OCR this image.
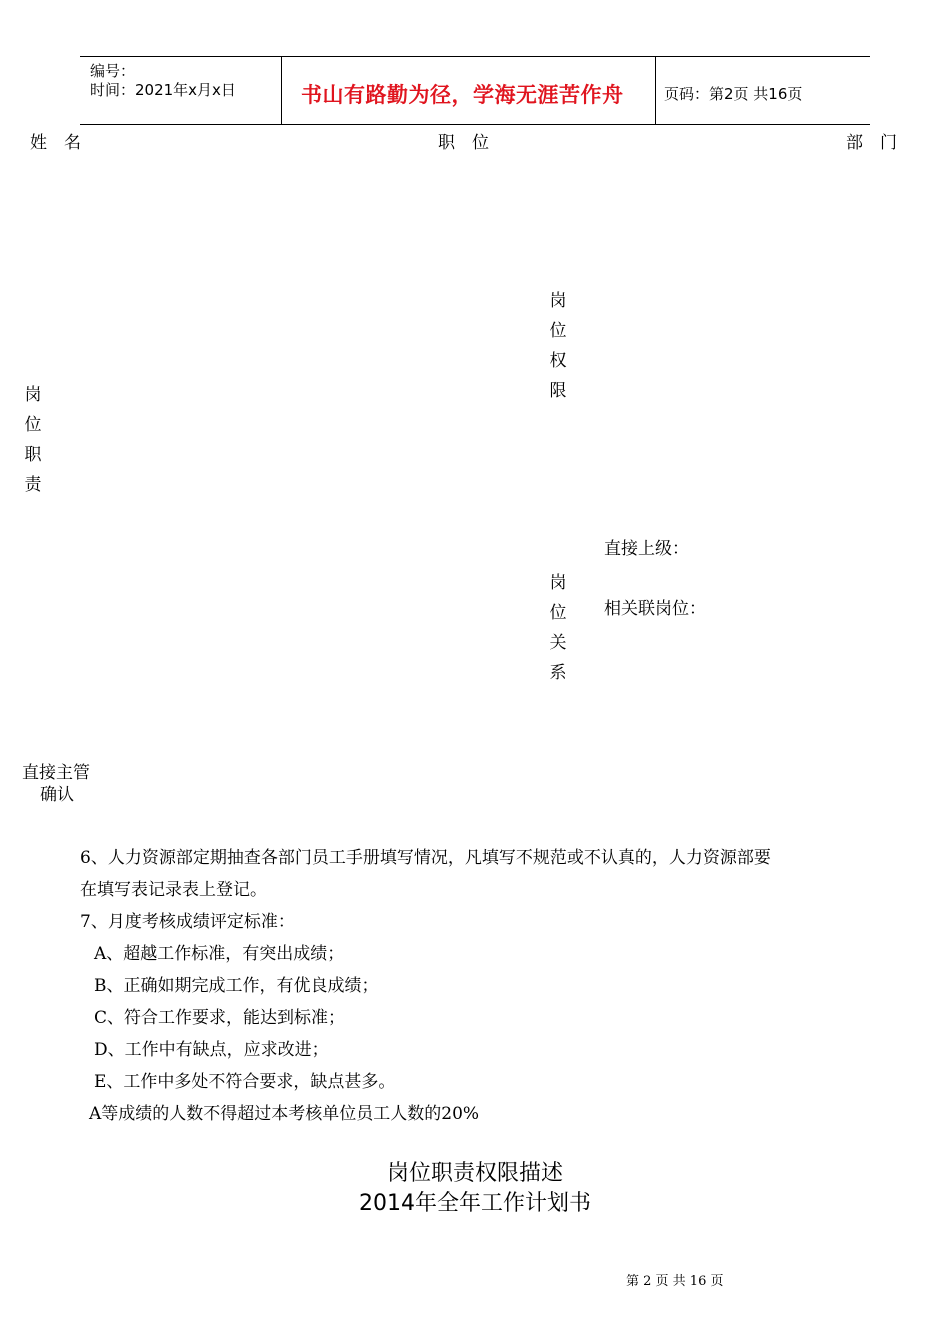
编号：
时间：2021年x月x日	书山有路勤为径，学海无涯苦作舟	页码：第2页 共16页
姓　名	职　位	部　门
岗位权限
岗位职责
直接上级：
岗位关系
相关联岗位：
直接主管
确认
6、人力资源部定期抽查各部门员工手册填写情况，凡填写不规范或不认真的，人力资源部要
在填写表记录表上登记。
7、月度考核成绩评定标准：
A、超越工作标准，有突出成绩；
B、正确如期完成工作，有优良成绩；
C、符合工作要求，能达到标准；
D、工作中有缺点，应求改进；
E、工作中多处不符合要求，缺点甚多。
A等成绩的人数不得超过本考核单位员工人数的20%
岗位职责权限描述
2014年全年工作计划书
第 2 页 共 16 页
